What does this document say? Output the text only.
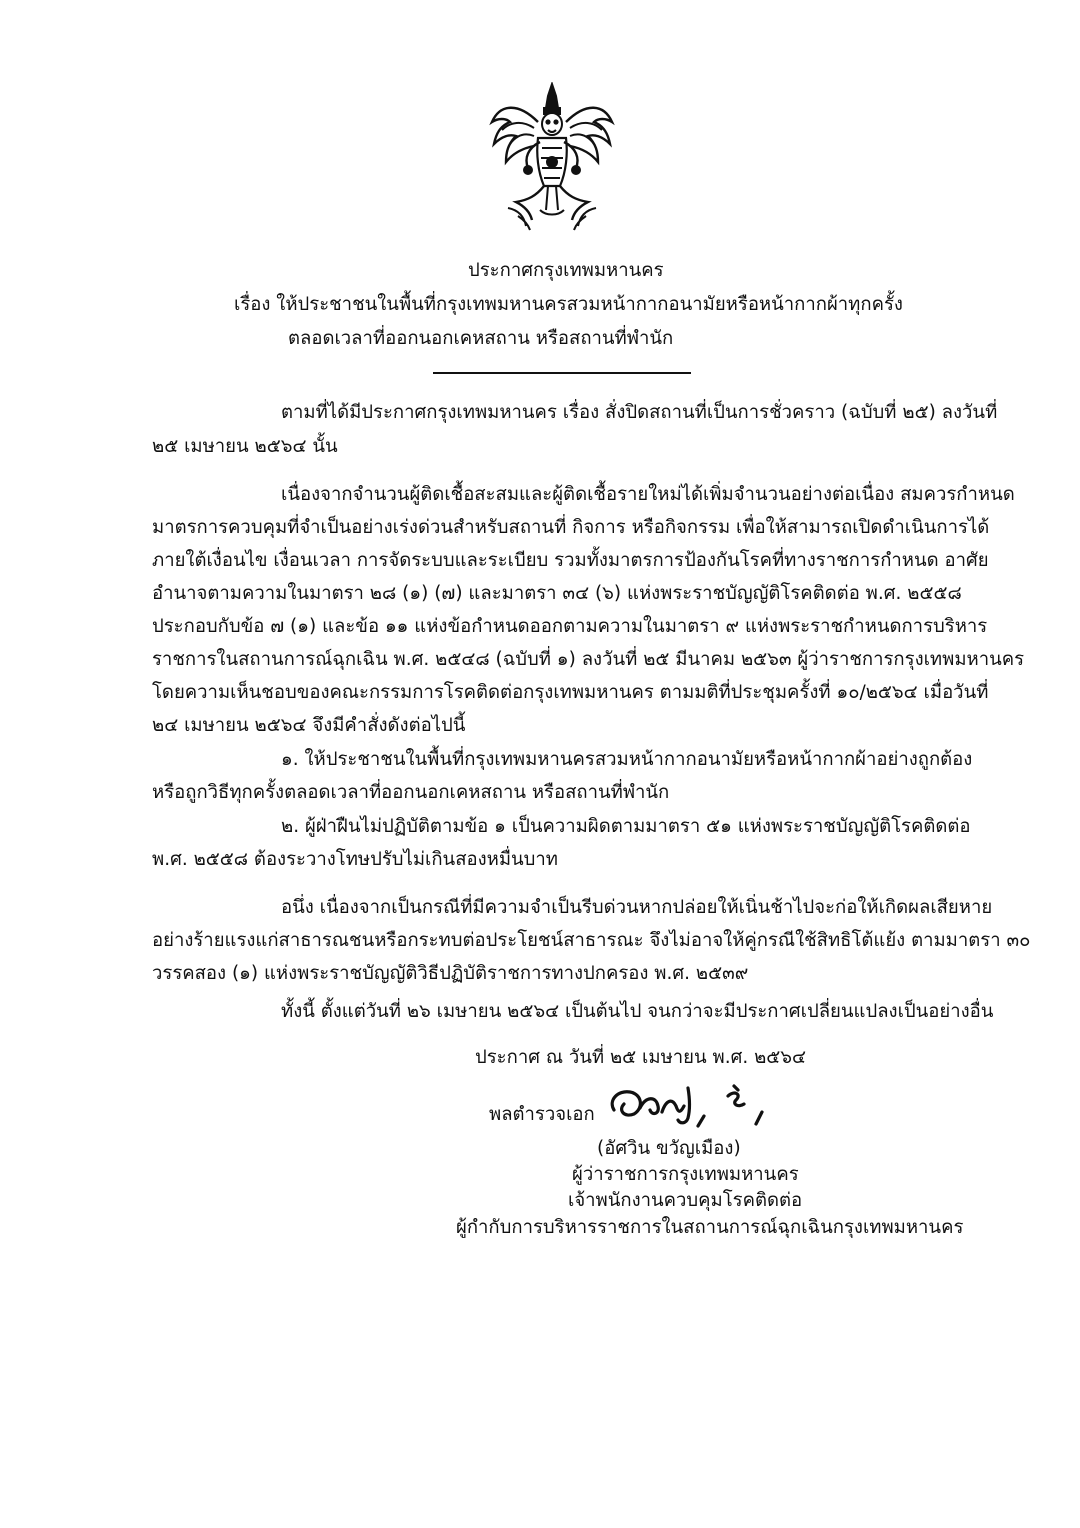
ประกาศกรุงเทพมหานคร
เรื่อง ให้ประชาชนในพื้นที่กรุงเทพมหานครสวมหน้ากากอนามัยหรือหน้ากากผ้าทุกครั้ง
ตลอดเวลาที่ออกนอกเคหสถาน หรือสถานที่พำนัก
ตามที่ได้มีประกาศกรุงเทพมหานคร เรื่อง สั่งปิดสถานที่เป็นการชั่วคราว (ฉบับที่ ๒๕) ลงวันที่
๒๕ เมษายน ๒๕๖๔ นั้น
เนื่องจากจำนวนผู้ติดเชื้อสะสมและผู้ติดเชื้อรายใหม่ได้เพิ่มจำนวนอย่างต่อเนื่อง สมควรกำหนด
มาตรการควบคุมที่จำเป็นอย่างเร่งด่วนสำหรับสถานที่ กิจการ หรือกิจกรรม เพื่อให้สามารถเปิดดำเนินการได้
ภายใต้เงื่อนไข เงื่อนเวลา การจัดระบบและระเบียบ รวมทั้งมาตรการป้องกันโรคที่ทางราชการกำหนด อาศัย
อำนาจตามความในมาตรา ๒๘ (๑) (๗) และมาตรา ๓๔ (๖) แห่งพระราชบัญญัติโรคติดต่อ พ.ศ. ๒๕๕๘
ประกอบกับข้อ ๗ (๑) และข้อ ๑๑ แห่งข้อกำหนดออกตามความในมาตรา ๙ แห่งพระราชกำหนดการบริหาร
ราชการในสถานการณ์ฉุกเฉิน พ.ศ. ๒๕๔๘ (ฉบับที่ ๑) ลงวันที่ ๒๕ มีนาคม ๒๕๖๓ ผู้ว่าราชการกรุงเทพมหานคร
โดยความเห็นชอบของคณะกรรมการโรคติดต่อกรุงเทพมหานคร ตามมติที่ประชุมครั้งที่ ๑๐/๒๕๖๔ เมื่อวันที่
๒๔ เมษายน ๒๕๖๔ จึงมีคำสั่งดังต่อไปนี้
๑. ให้ประชาชนในพื้นที่กรุงเทพมหานครสวมหน้ากากอนามัยหรือหน้ากากผ้าอย่างถูกต้อง
หรือถูกวิธีทุกครั้งตลอดเวลาที่ออกนอกเคหสถาน หรือสถานที่พำนัก
๒. ผู้ฝ่าฝืนไม่ปฏิบัติตามข้อ ๑ เป็นความผิดตามมาตรา ๕๑ แห่งพระราชบัญญัติโรคติดต่อ
พ.ศ. ๒๕๕๘ ต้องระวางโทษปรับไม่เกินสองหมื่นบาท
อนึ่ง เนื่องจากเป็นกรณีที่มีความจำเป็นรีบด่วนหากปล่อยให้เนิ่นช้าไปจะก่อให้เกิดผลเสียหาย
อย่างร้ายแรงแก่สาธารณชนหรือกระทบต่อประโยชน์สาธารณะ จึงไม่อาจให้คู่กรณีใช้สิทธิโต้แย้ง ตามมาตรา ๓๐
วรรคสอง (๑) แห่งพระราชบัญญัติวิธีปฏิบัติราชการทางปกครอง พ.ศ. ๒๕๓๙
ทั้งนี้ ตั้งแต่วันที่ ๒๖ เมษายน ๒๕๖๔ เป็นต้นไป จนกว่าจะมีประกาศเปลี่ยนแปลงเป็นอย่างอื่น
ประกาศ ณ วันที่ ๒๕ เมษายน พ.ศ. ๒๕๖๔
พลตำรวจเอก
(อัศวิน ขวัญเมือง)
ผู้ว่าราชการกรุงเทพมหานคร
เจ้าพนักงานควบคุมโรคติดต่อ
ผู้กำกับการบริหารราชการในสถานการณ์ฉุกเฉินกรุงเทพมหานคร
